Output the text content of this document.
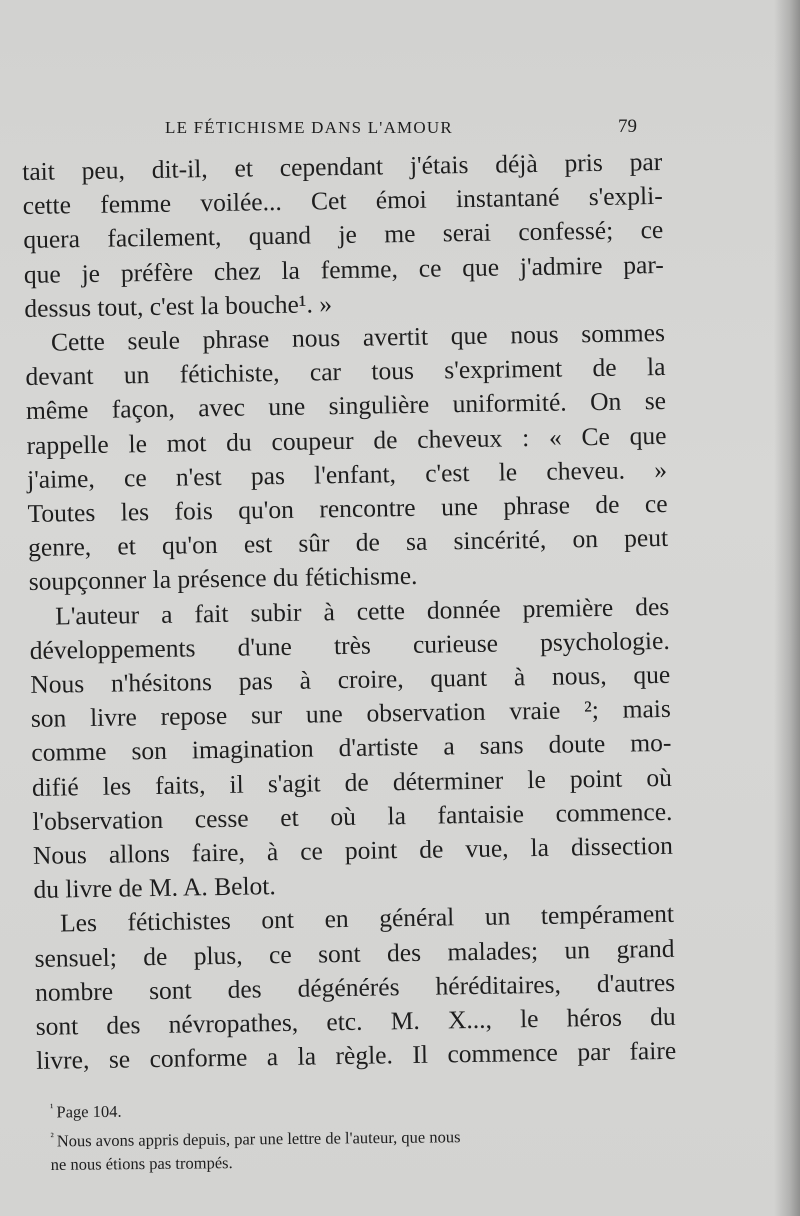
LE FÉTICHISME DANS L'AMOUR	79

tait peu, dit-il, et cependant j'étais déjà pris par
cette femme voilée... Cet émoi instantané s'expli-
quera facilement, quand je me serai confessé; ce
que je préfère chez la femme, ce que j'admire par-
dessus tout, c'est la bouche¹. »

Cette seule phrase nous avertit que nous sommes
devant un fétichiste, car tous s'expriment de la
même façon, avec une singulière uniformité. On se
rappelle le mot du coupeur de cheveux : « Ce que
j'aime, ce n'est pas l'enfant, c'est le cheveu. »
Toutes les fois qu'on rencontre une phrase de ce
genre, et qu'on est sûr de sa sincérité, on peut
soupçonner la présence du fétichisme.

L'auteur a fait subir à cette donnée première des
développements d'une très curieuse psychologie.
Nous n'hésitons pas à croire, quant à nous, que
son livre repose sur une observation vraie ²; mais
comme son imagination d'artiste a sans doute mo-
difié les faits, il s'agit de déterminer le point où
l'observation cesse et où la fantaisie commence.
Nous allons faire, à ce point de vue, la dissection
du livre de M. A. Belot.

Les fétichistes ont en général un tempérament
sensuel; de plus, ce sont des malades; un grand
nombre sont des dégénérés héréditaires, d'autres
sont des névropathes, etc. M. X..., le héros du
livre, se conforme a la règle. Il commence par faire

$^{^1}$ Page 104.
$^{^2}$ Nous avons appris depuis, par une lettre de l'auteur, que nous
ne nous étions pas trompés.
